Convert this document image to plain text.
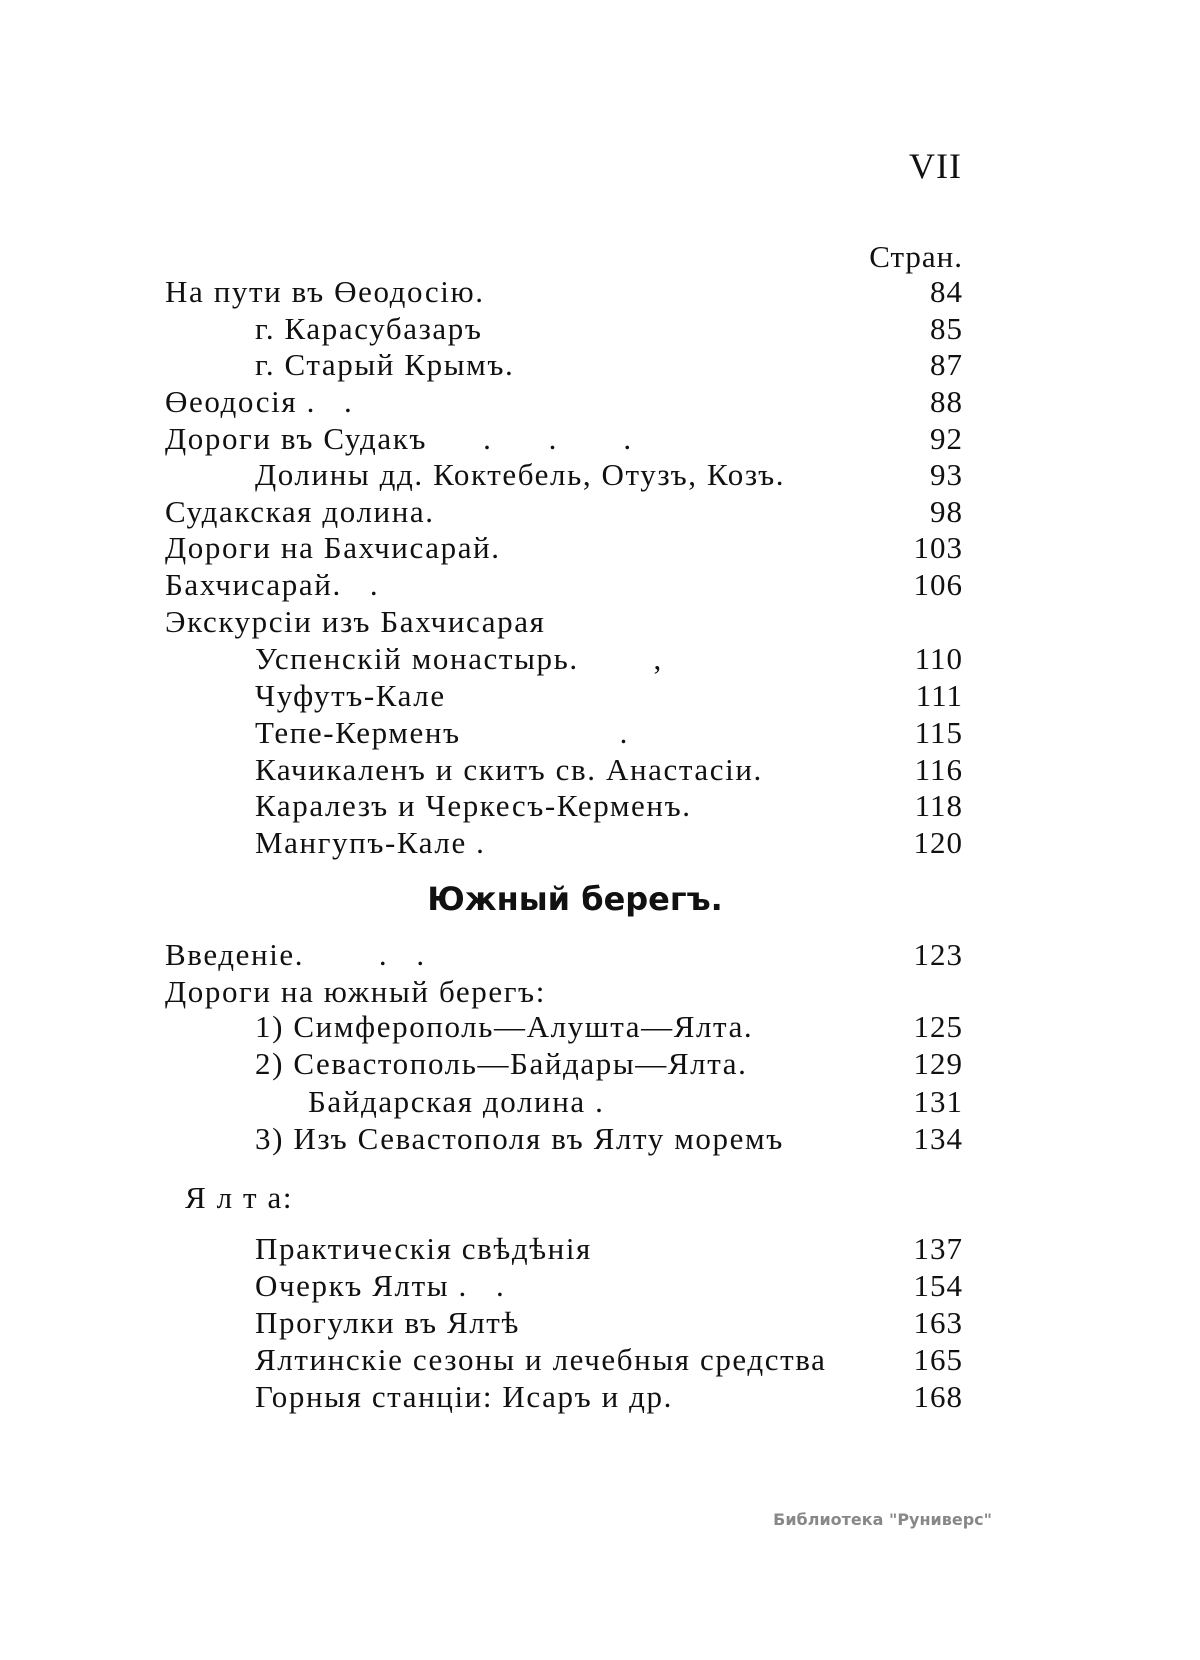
VII
Стран.
На пути въ Өеодосію.	84
г. Карасубазаръ	85
г. Старый Крымъ.	87
Өеодосія .   .	88
Дороги въ Судакъ      .      .       .	92
Долины дд. Коктебель, Отузъ, Козъ.	93
Судакская долина.	98
Дороги на Бахчисарай.	103
Бахчисарай.   .	106
Экскурсіи изъ Бахчисарая
Успенскій монастырь.        ,	110
Чуфутъ-Кале	111
Тепе-Керменъ                 .	115
Качикаленъ и скитъ св. Анастасіи.	116
Каралезъ и Черкесъ-Керменъ.	118
Мангупъ-Кале .	120
Введеніе.        .   .	123
Дороги на южный берегъ:
1) Симферополь—Алушта—Ялта.	125
2) Севастополь—Байдары—Ялта.	129
Байдарская долина .	131
3) Изъ Севастополя въ Ялту моремъ	134
Я л т а:
Практическія свѣдѣнія	137
Очеркъ Ялты .   .	154
Прогулки въ Ялтѣ	163
Ялтинскіе сезоны и лечебныя средства	165
Горныя станціи: Исаръ и др.	168
Южный берегъ.
Библиотека "Руниверс"
